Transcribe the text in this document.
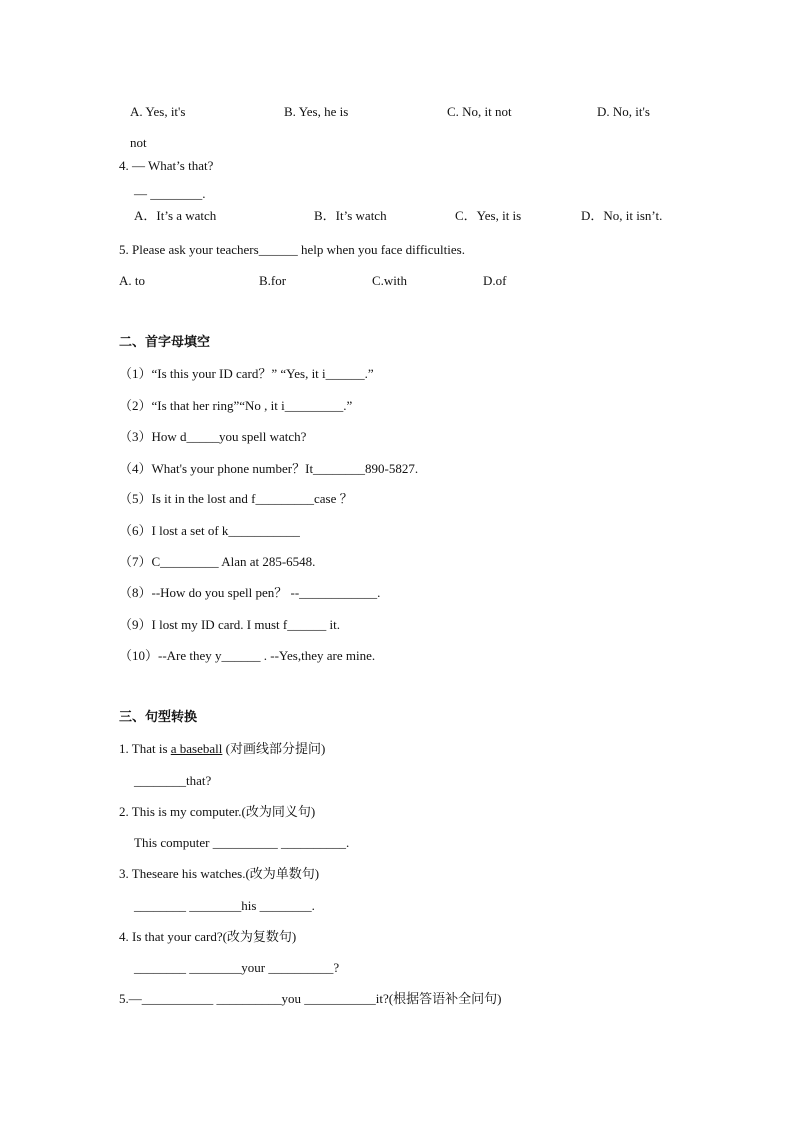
A. Yes, it's	B. Yes, he is	C. No, it not	D. No, it's
not
4. — What’s that?
— ________.
A．It’s a watch	B．It’s watch	C．Yes, it is	D．No, it isn’t.
5. Please ask your teachers______ help when you face difficulties.
A. to	B.for	C.with	D.of
二、首字母填空
（1）“Is this your ID card？” “Yes, it i______.”
（2）“Is that her ring”“No , it i_________.”
（3）How d_____you spell watch?
（4）What's your phone number？It________890-5827.
（5）Is it in the lost and f_________case ？
（6）I lost a set of k___________
（7）C_________ Alan at 285-6548.
（8）--How do you spell pen？ --____________.
（9）I lost my ID card. I must f______ it.
（10）--Are they y______ . --Yes,they are mine.
三、句型转换
1. That is a baseball (对画线部分提问)
________that?
2. This is my computer.(改为同义句)
This computer __________ __________.
3. Theseare his watches.(改为单数句)
________ ________his ________.
4. Is that your card?(改为复数句)
________ ________your __________?
5.—___________ __________you ___________it?(根据答语补全问句)
